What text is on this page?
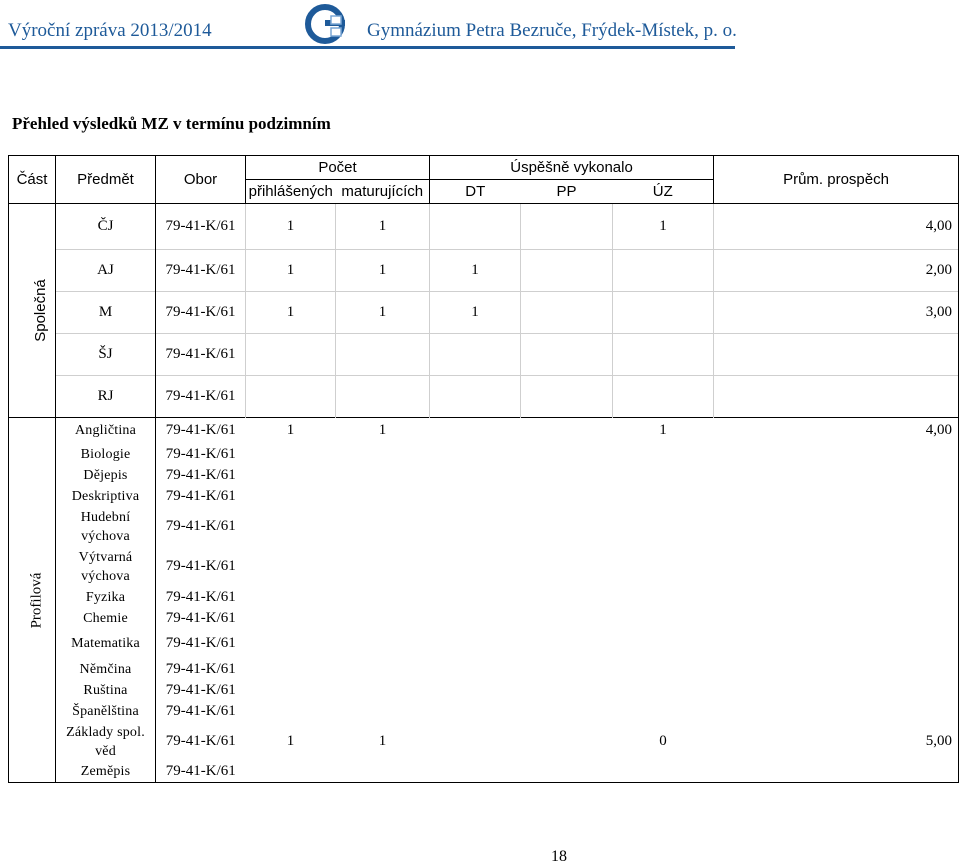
Výroční zpráva 2013/2014	Gymnázium Petra Bezruče, Frýdek-Místek, p. o.
Přehled výsledků MZ v termínu podzimním
Část	Předmět	Obor	Počet		Úspěšně vykonalo			Prům. prospěch
			přihlášených	maturujících	DT	PP	ÚZ	
Společná	ČJ	79-41-K/61	1	1			1	4,00
	AJ	79-41-K/61	1	1	1			2,00
	M	79-41-K/61	1	1	1			3,00
	ŠJ	79-41-K/61						
	RJ	79-41-K/61						
Profilová	Angličtina	79-41-K/61	1	1			1	4,00
	Biologie	79-41-K/61						
	Dějepis	79-41-K/61						
	Deskriptiva	79-41-K/61						
	Hudební výchova	79-41-K/61						
	Výtvarná výchova	79-41-K/61						
	Fyzika	79-41-K/61						
	Chemie	79-41-K/61						
	Matematika	79-41-K/61						
	Němčina	79-41-K/61						
	Ruština	79-41-K/61						
	Španělština	79-41-K/61						
	Základy spol. věd	79-41-K/61	1	1			0	5,00
	Zeměpis	79-41-K/61						
18
